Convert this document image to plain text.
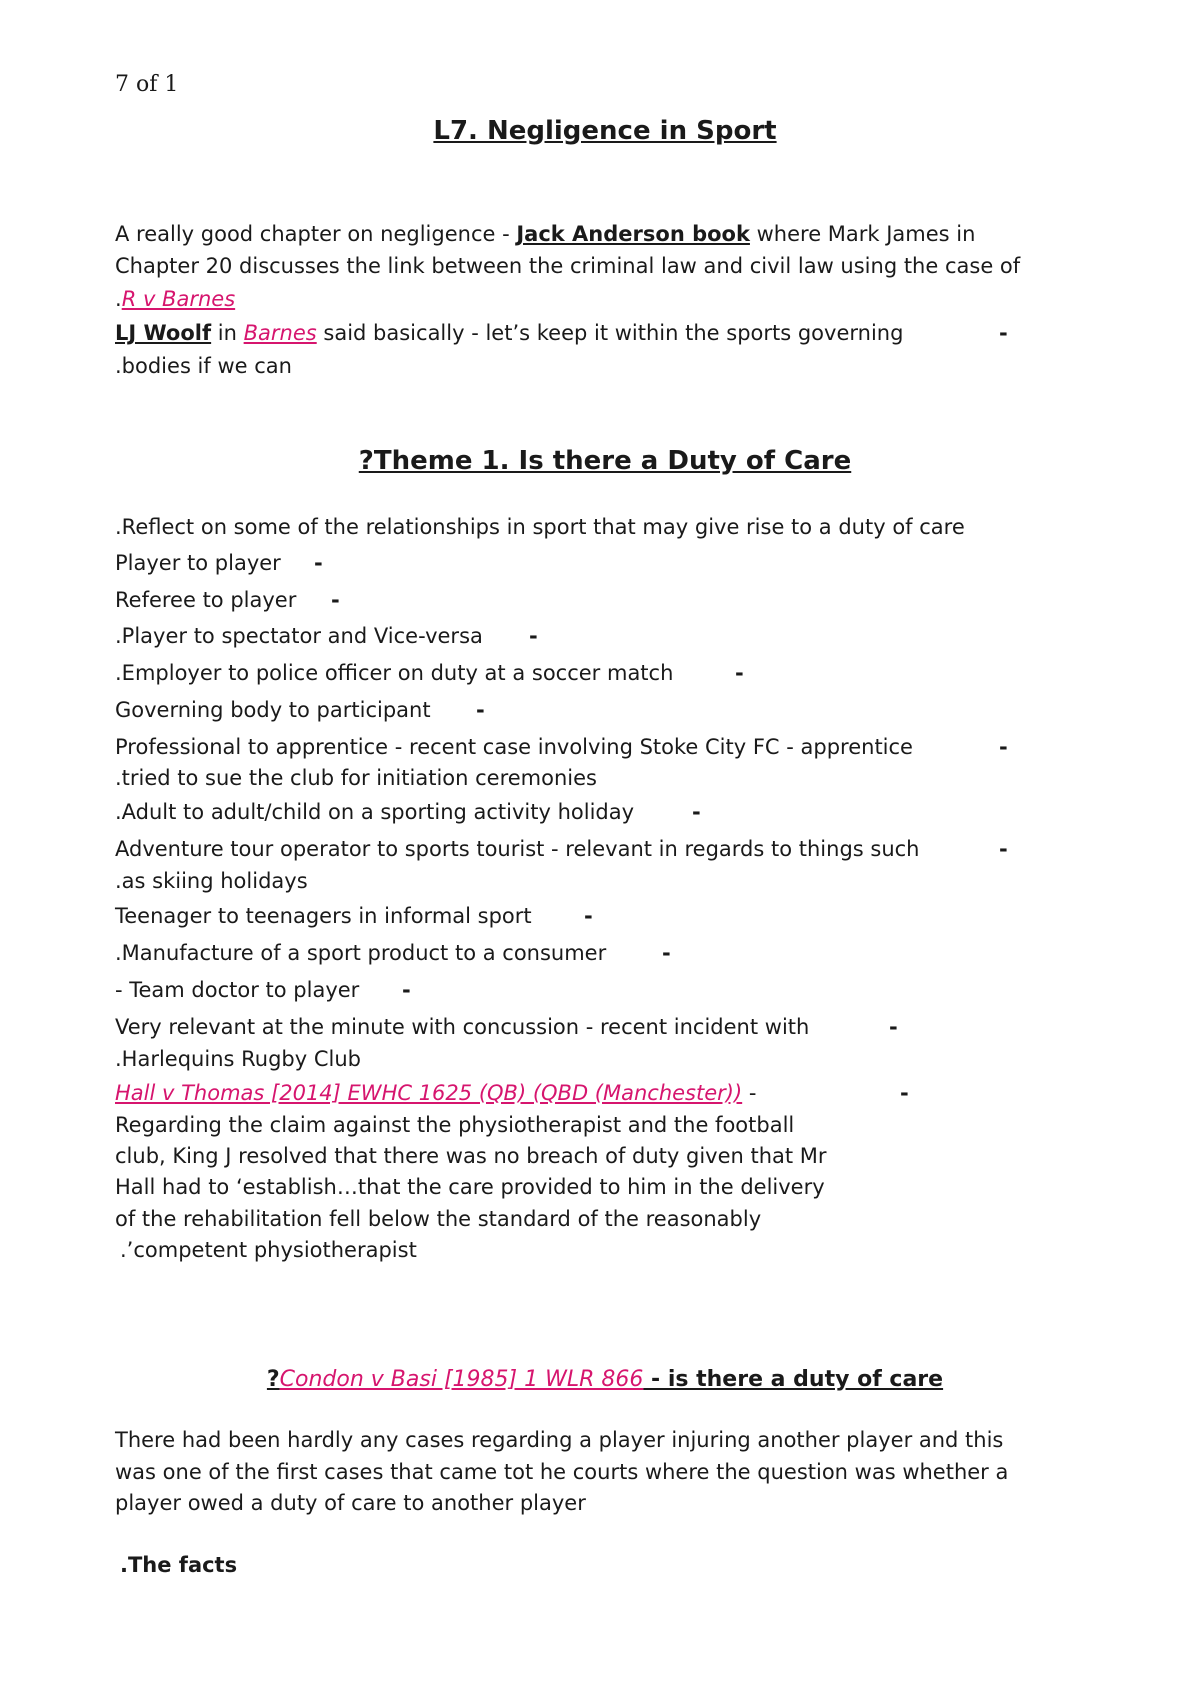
7 of 1
L7. Negligence in Sport
A really good chapter on negligence - Jack Anderson book where Mark James in
Chapter 20 discusses the link between the criminal law and civil law using the case of
.R v Barnes
LJ Woolf in Barnes said basically - let’s keep it within the sports governing	-
.bodies if we can
?Theme 1. Is there a Duty of Care
.Reflect on some of the relationships in sport that may give rise to a duty of care
Player to player -
Referee to player -
.Player to spectator and Vice-versa -
.Employer to police officer on duty at a soccer match	-
Governing body to participant -
Professional to apprentice - recent case involving Stoke City FC - apprentice	-
.tried to sue the club for initiation ceremonies
.Adult to adult/child on a sporting activity holiday	-
Adventure tour operator to sports tourist - relevant in regards to things such	-
.as skiing holidays
Teenager to teenagers in informal sport -
.Manufacture of a sport product to a consumer	-
- Team doctor to player -
Very relevant at the minute with concussion - recent incident with	-
.Harlequins Rugby Club
Hall v Thomas [2014] EWHC 1625 (QB) (QBD (Manchester)) -	-
Regarding the claim against the physiotherapist and the football
club, King J resolved that there was no breach of duty given that Mr
Hall had to ‘establish…that the care provided to him in the delivery
of the rehabilitation fell below the standard of the reasonably
.’competent physiotherapist
?Condon v Basi [1985] 1 WLR 866 - is there a duty of care
There had been hardly any cases regarding a player injuring another player and this
was one of the first cases that came tot he courts where the question was whether a
player owed a duty of care to another player
.The facts
